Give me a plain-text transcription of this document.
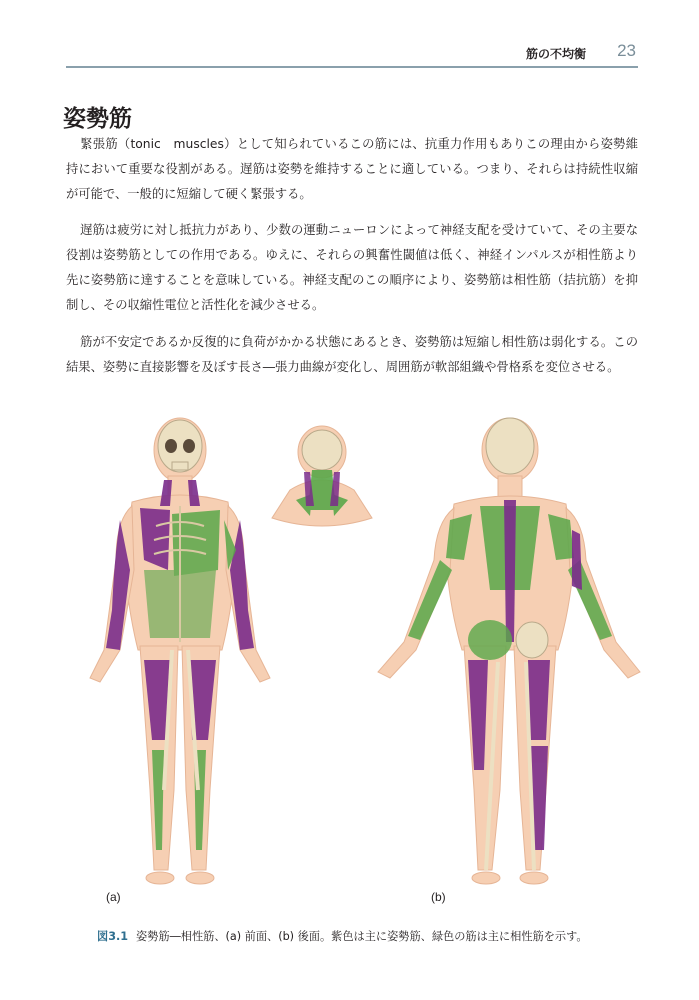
筋の不均衡 23
姿勢筋

緊張筋（tonic　muscles）として知られているこの筋には、抗重力作用もありこの理由から姿勢維持において重要な役割がある。遅筋は姿勢を維持することに適している。つまり、それらは持続性収縮が可能で、一般的に短縮して硬く緊張する。

遅筋は疲労に対し抵抗力があり、少数の運動ニューロンによって神経支配を受けていて、その主要な役割は姿勢筋としての作用である。ゆえに、それらの興奮性閾値は低く、神経インパルスが相性筋より先に姿勢筋に達することを意味している。神経支配のこの順序により、姿勢筋は相性筋（拮抗筋）を抑制し、その収縮性電位と活性化を減少させる。

筋が不安定であるか反復的に負荷がかかる状態にあるとき、姿勢筋は短縮し相性筋は弱化する。この結果、姿勢に直接影響を及ぼす長さ―張力曲線が変化し、周囲筋が軟部組織や骨格系を変位させる。

(a)	(b)
図3.1 姿勢筋―相性筋、(a) 前面、(b) 後面。紫色は主に姿勢筋、緑色の筋は主に相性筋を示す。
